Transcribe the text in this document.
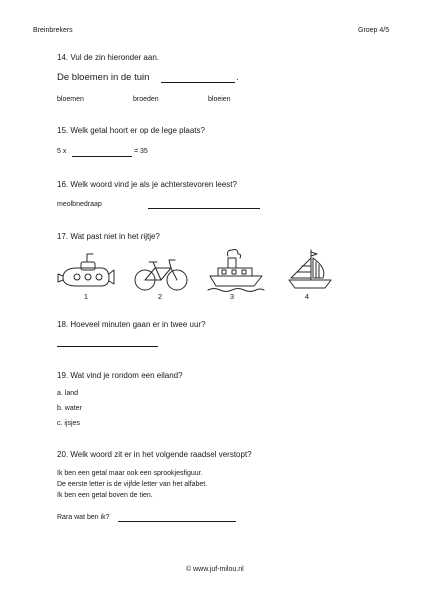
Breinbrekers	Groep 4/5
14. Vul de zin hieronder aan.
De bloemen in de tuin	.
bloemen	broeden	bloeien
15. Welk getal hoort er op de lege plaats?
5 x	= 35
16. Welk woord vind je als je achterstevoren leest?
meolbnedraap
17. Wat past niet in het rijtje?
1	2	3	4
18. Hoeveel minuten gaan er in twee uur?
19. Wat vind je rondom een eiland?
a. land
b. water
c. ijsjes
20. Welk woord zit er in het volgende raadsel verstopt?
Ik ben een getal maar ook een sprookjesfiguur.
De eerste letter is de vijfde letter van het alfabet.
Ik ben een getal boven de tien.
Rara wat ben ik?
© www.juf-milou.nl
